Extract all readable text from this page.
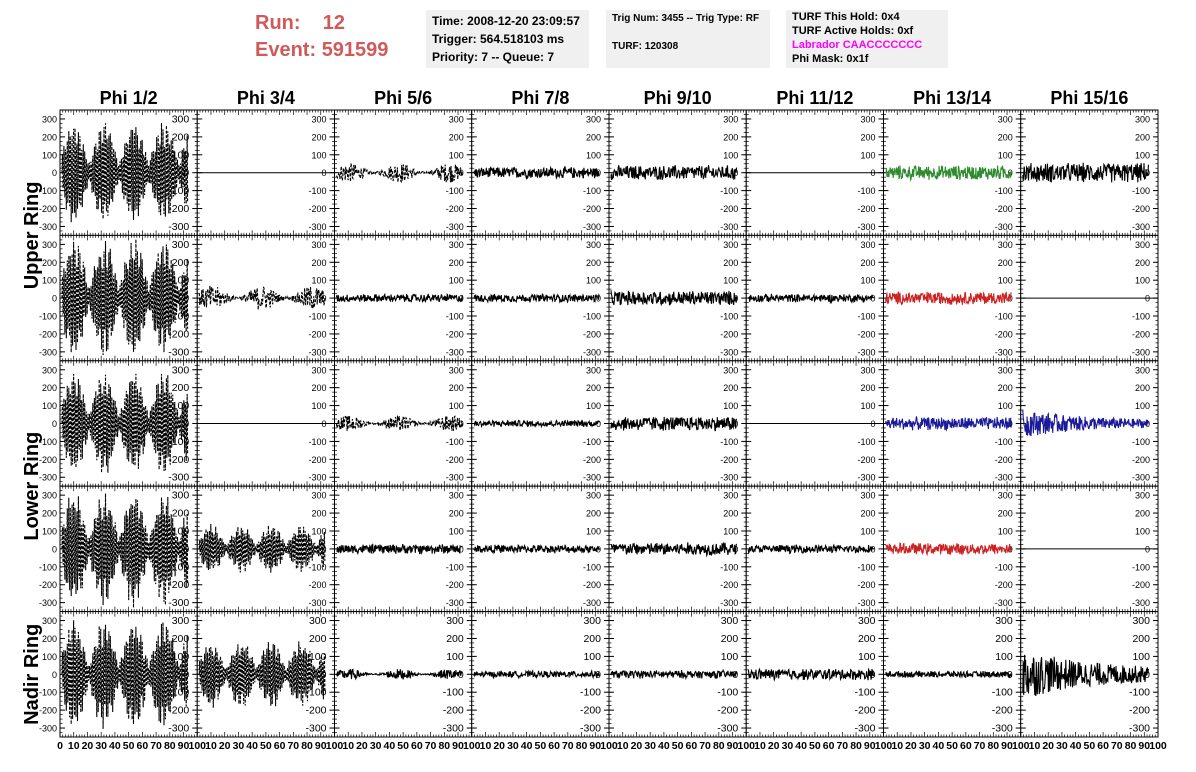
Run: 12
Event: 591599
Time: 2008-12-20 23:09:57
Trigger: 564.518103 ms
Priority: 7 -- Queue: 7
Trig Num: 3455 -- Trig Type: RF

TURF: 120308
TURF This Hold: 0x4
TURF Active Holds: 0xf
Labrador CAACCCCCCC
Phi Mask: 0x1f
Phi 1/2	Phi 3/4	Phi 5/6	Phi 7/8	Phi 9/10	Phi 11/12	Phi 13/14	Phi 15/16
Upper Ring
Lower Ring
Nadir Ring
-300
-300
-200
-200
-100
-100
0
0
100
100
200
200
300
300
-300
-200
-100
0
100
200
300
-300
-200
-100
0
100
200
300
-300
-200
-100
0
100
200
300
-300
-200
-100
0
100
200
300
-300
-200
-100
0
100
200
300
-300
-200
-100
0
100
200
300
-300
-200
-100
0
100
200
300
-300
-300
-200
-200
-100
-100
0
0
100
100
200
200
300
300
-300
-200
-100
0
100
200
300
-300
-200
-100
0
100
200
300
-300
-200
-100
0
100
200
300
-300
-200
-100
0
100
200
300
-300
-200
-100
0
100
200
300
-300
-200
-100
0
100
200
300
-300
-200
-100
0
100
200
300
-300
-300
-200
-200
-100
-100
0
0
100
100
200
200
300
300
-300
-200
-100
0
100
200
300
-300
-200
-100
0
100
200
300
-300
-200
-100
0
100
200
300
-300
-200
-100
0
100
200
300
-300
-200
-100
0
100
200
300
-300
-200
-100
0
100
200
300
-300
-200
-100
0
100
200
300
-300
-300
-200
-200
-100
-100
0
0
100
100
200
200
300
300
-300
-200
-100
0
100
200
300
-300
-200
-100
0
100
200
300
-300
-200
-100
0
100
200
300
-300
-200
-100
0
100
200
300
-300
-200
-100
0
100
200
300
-300
-200
-100
0
100
200
300
-300
-200
-100
0
100
200
300
-300
-300
-200
-200
-100
-100
0
0
100
100
200
200
300
300
-300
-200
-100
0
100
200
300
-300
-200
-100
0
100
200
300
-300
-200
-100
0
100
200
300
-300
-200
-100
0
100
200
300
-300
-200
-100
0
100
200
300
-300
-200
-100
0
100
200
300
-300
-200
-100
0
100
200
300
0 10 20 30 40 50 60 70 80 90 100 10 20 30 40 50 60 70 80 90 100 10 20 30 40 50 60 70 80 90 100 10 20 30 40 50 60 70 80 90 100 10 20 30 40 50 60 70 80 90 100 10 20 30 40 50 60 70 80 90 100 10 20 30 40 50 60 70 80 90 100 10 20 30 40 50 60 70 80 90 100
